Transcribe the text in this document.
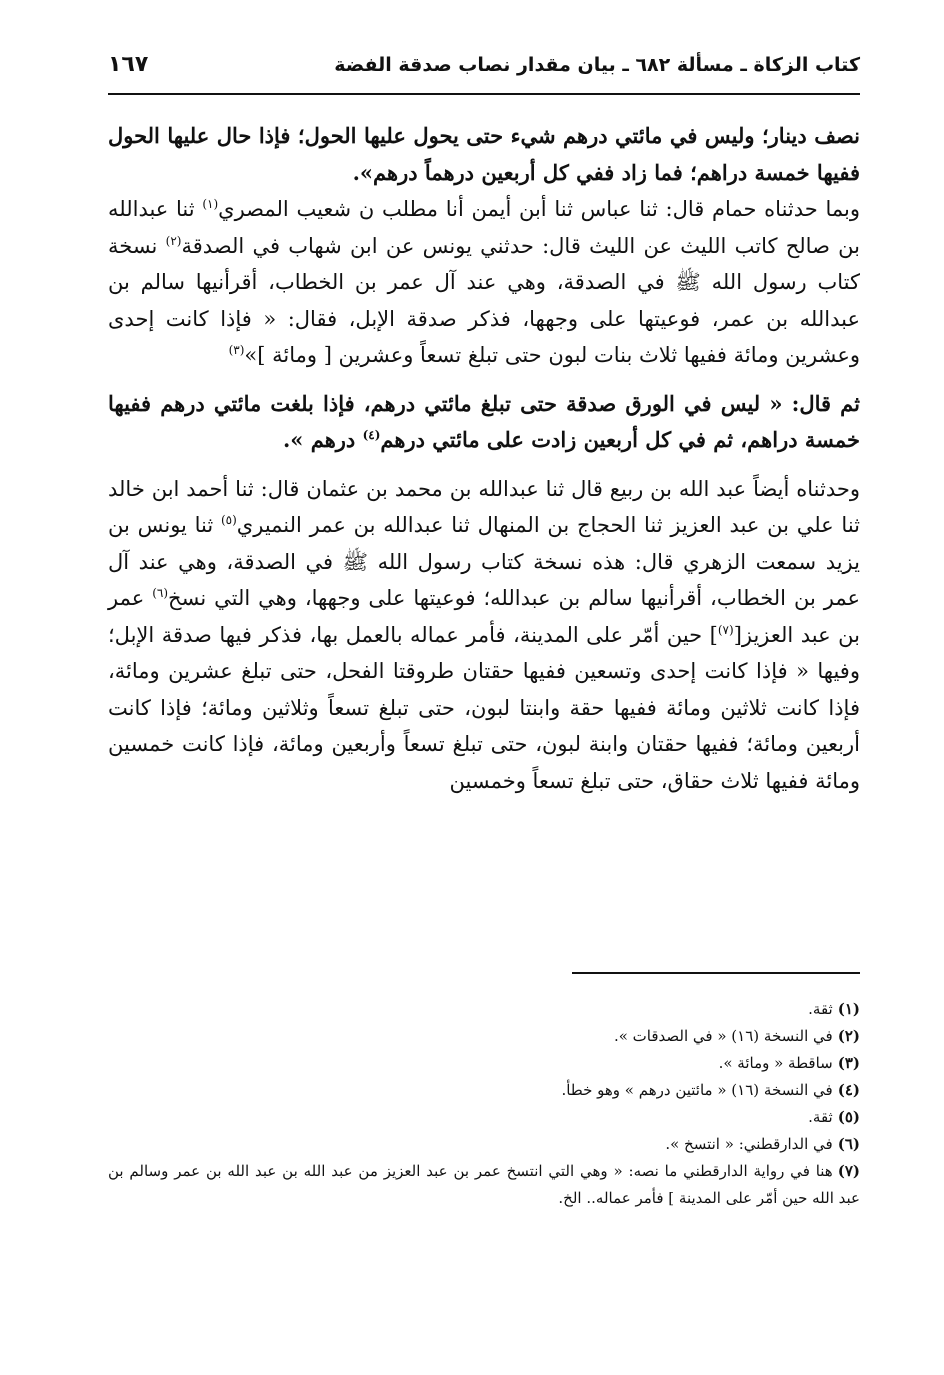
كتاب الزكاة ـ مسألة ٦٨٢ ـ بيان مقدار نصاب صدقة الفضة
١٦٧

نصف دينار؛ وليس في مائتي درهم شيء حتى يحول عليها الحول؛ فإذا حال عليها الحول ففيها خمسة دراهم؛ فما زاد ففي كل أربعين درهماً درهم».

وبما حدثناه حمام قال: ثنا عباس ثنا أبن أيمن أنا مطلب ن شعيب المصري$^{(١)}$ ثنا عبدالله بن صالح كاتب الليث عن الليث قال: حدثني يونس عن ابن شهاب في الصدقة$^{(٢)}$ نسخة كتاب رسول الله ﷺ في الصدقة، وهي عند آل عمر بن الخطاب، أقرأنيها سالم بن عبدالله بن عمر، فوعيتها على وجهها، فذكر صدقة الإبل، فقال: « فإذا كانت إحدى وعشرين ومائة ففيها ثلاث بنات لبون حتى تبلغ تسعاً وعشرين [ ومائة ]»$^{(٣)}$

ثم قال: « ليس في الورق صدقة حتى تبلغ مائتي درهم، فإذا بلغت مائتي درهم ففيها خمسة دراهم، ثم في كل أربعين زادت على مائتي درهم$^{(٤)}$ درهم ».

وحدثناه أيضاً عبد الله بن ربيع قال ثنا عبدالله بن محمد بن عثمان قال: ثنا أحمد ابن خالد ثنا علي بن عبد العزيز ثنا الحجاج بن المنهال ثنا عبدالله بن عمر النميري$^{(٥)}$ ثنا يونس بن يزيد سمعت الزهري قال: هذه نسخة كتاب رسول الله ﷺ في الصدقة، وهي عند آل عمر بن الخطاب، أقرأنيها سالم بن عبدالله؛ فوعيتها على وجهها، وهي التي نسخ$^{(٦)}$ عمر بن عبد العزيز[$^{(٧)}$] حين أمّر على المدينة، فأمر عماله بالعمل بها، فذكر فيها صدقة الإبل؛ وفيها « فإذا كانت إحدى وتسعين ففيها حقتان طروقتا الفحل، حتى تبلغ عشرين ومائة، فإذا كانت ثلاثين ومائة ففيها حقة وابنتا لبون، حتى تبلغ تسعاً وثلاثين ومائة؛ فإذا كانت أربعين ومائة؛ ففيها حقتان وابنة لبون، حتى تبلغ تسعاً وأربعين ومائة، فإذا كانت خمسين ومائة ففيها ثلاث حقاق، حتى تبلغ تسعاً وخمسين

(١)ثقة.

(٢)في النسخة (١٦) « في الصدقات ».

(٣)ساقطة « ومائة ».

(٤)في النسخة (١٦) « مائتين درهم » وهو خطأ.

(٥)ثقة.

(٦)في الدارقطني: « انتسخ ».

(٧)هنا في رواية الدارقطني ما نصه: « وهي التي انتسخ عمر بن عبد العزيز من عبد الله بن عبد الله بن عمر وسالم بن عبد الله حين أمّر على المدينة ] فأمر عماله.. الخ.
